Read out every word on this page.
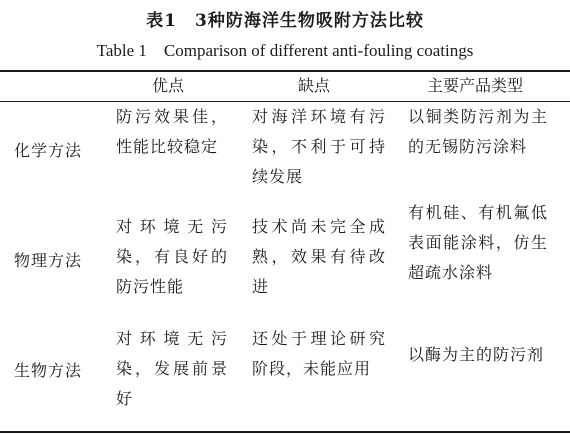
表1　3种防海洋生物吸附方法比较
Table 1　Comparison of different anti-fouling coatings
优点	缺点	主要产品类型
化学方法
防污效果佳，性能比较稳定
对海洋环境有污染，不利于可持续发展
以铜类防污剂为主的无锡防污涂料
物理方法
对环境无污染，有良好的防污性能
技术尚未完全成熟，效果有待改进
有机硅、有机氟低表面能涂料，仿生超疏水涂料
生物方法
对环境无污染，发展前景好
还处于理论研究阶段，未能应用
以酶为主的防污剂
